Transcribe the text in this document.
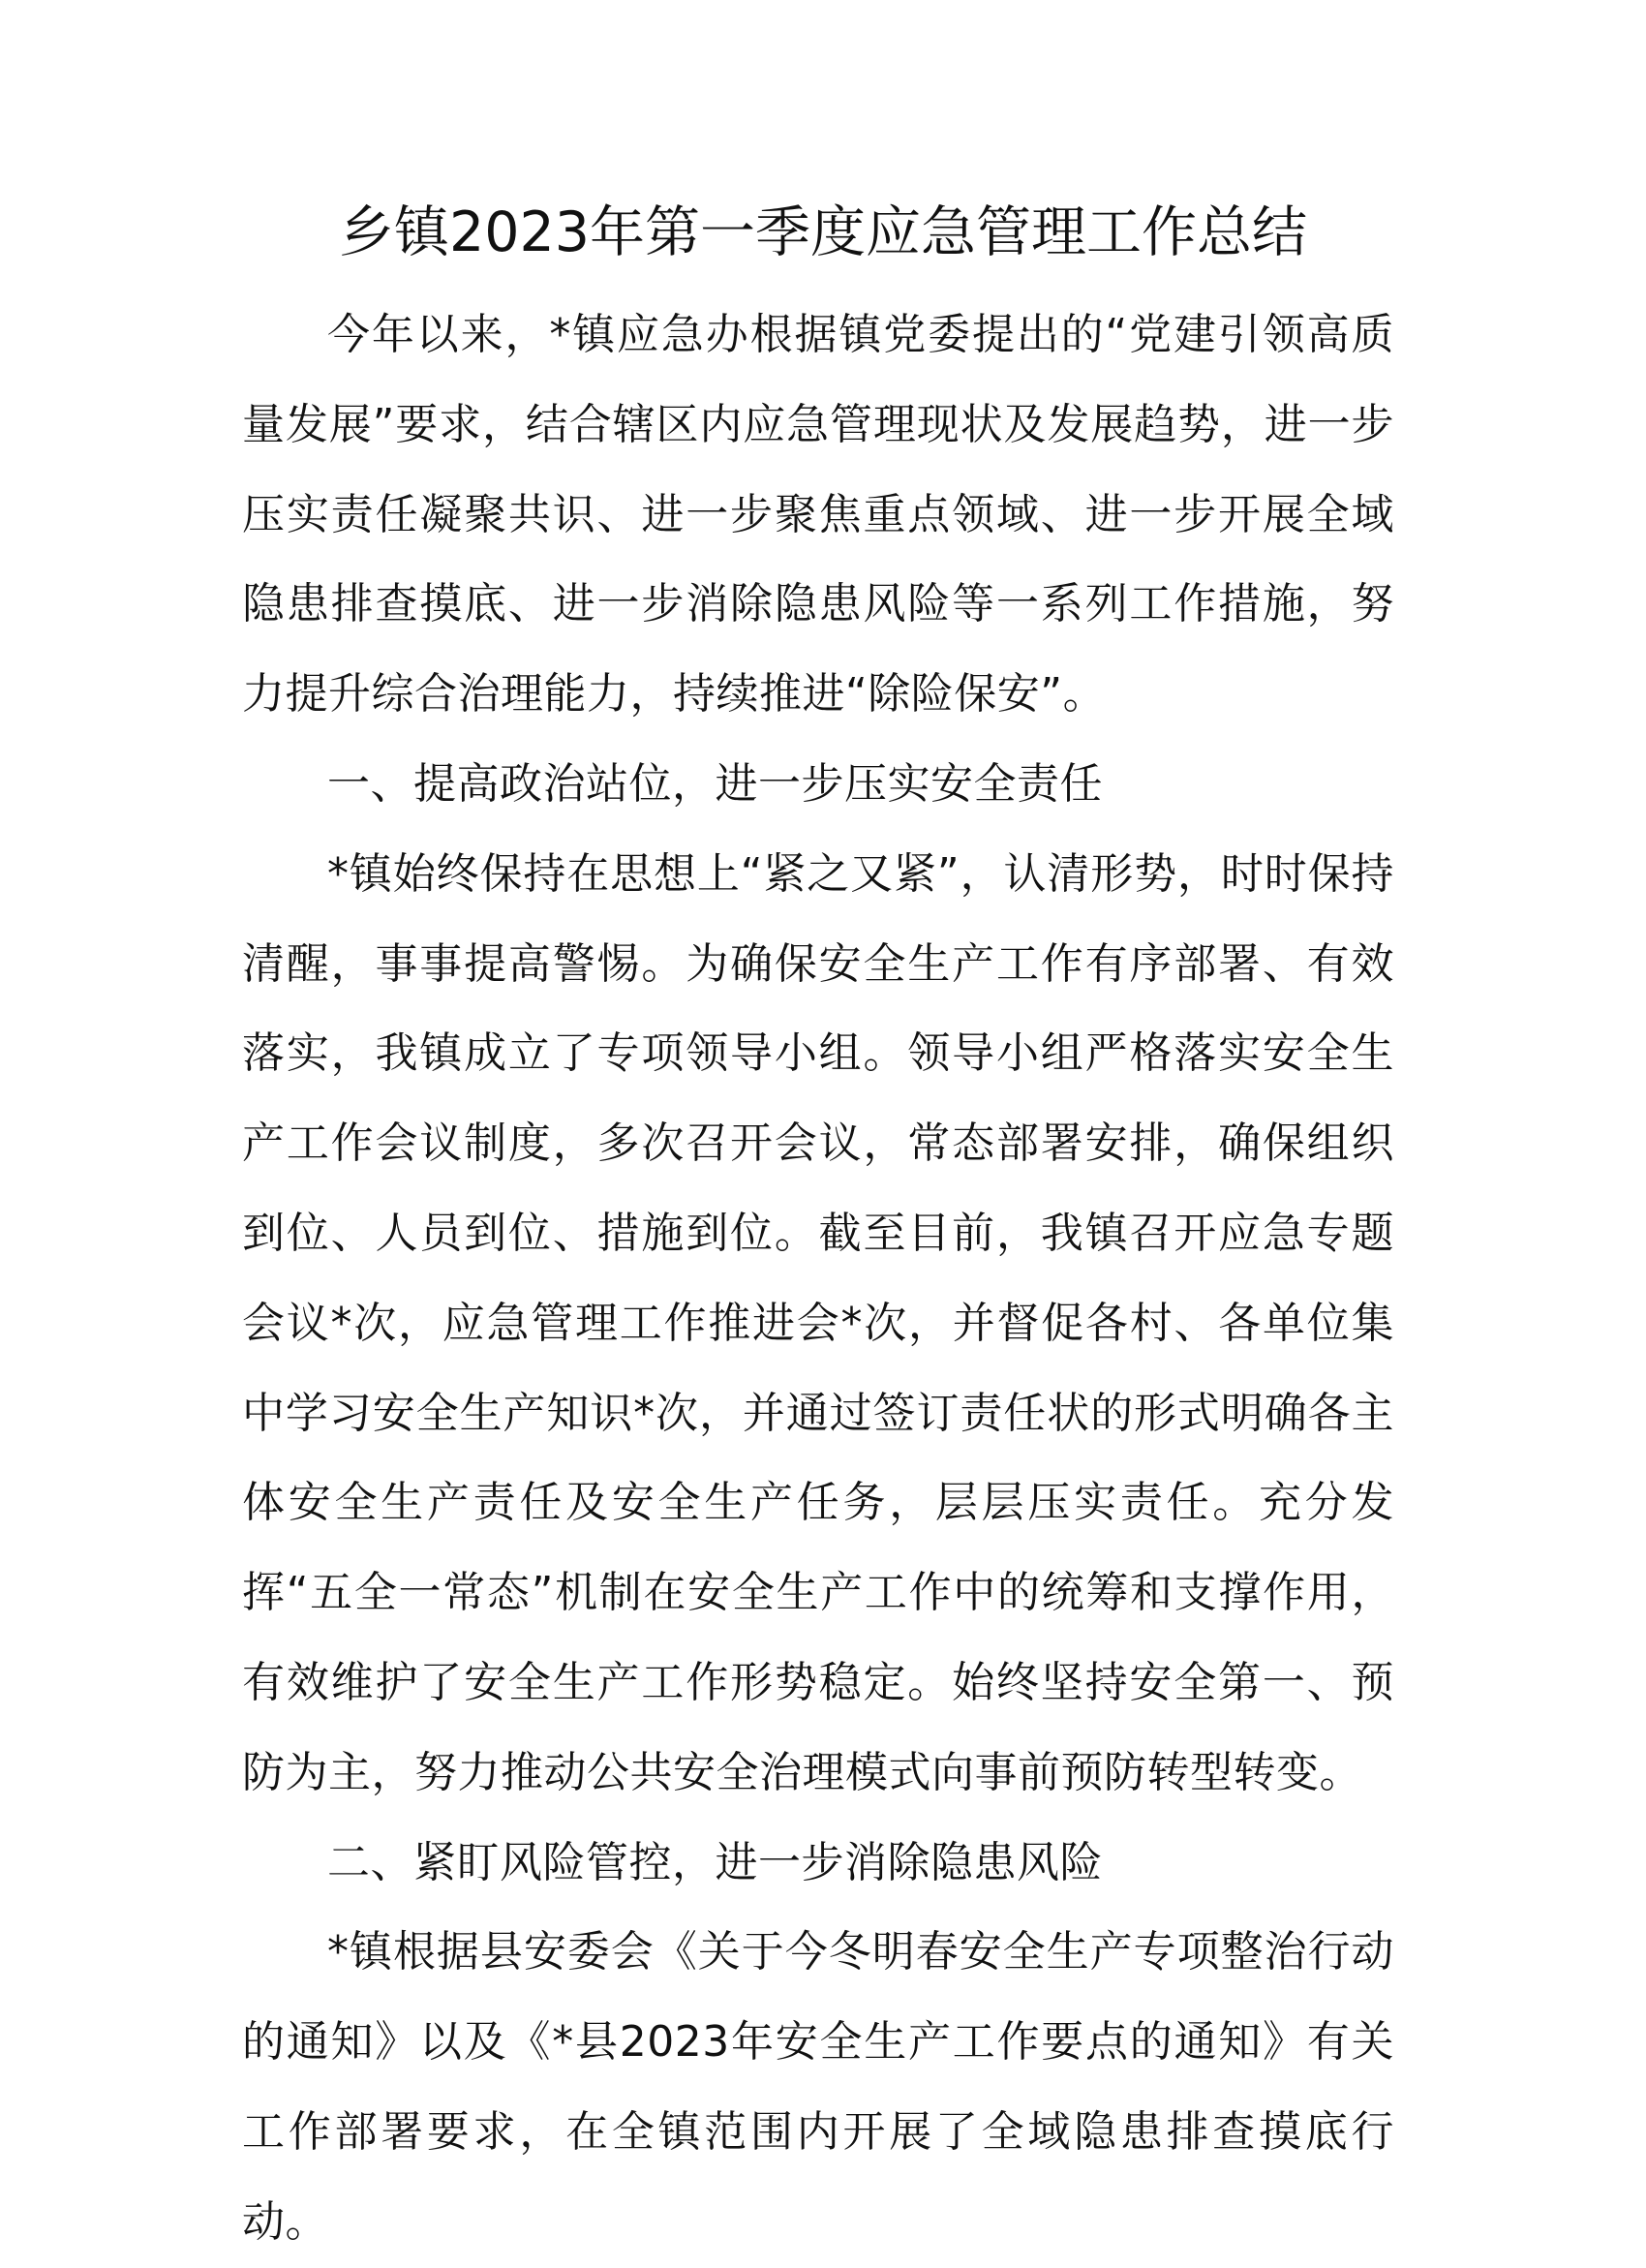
乡镇2023年第一季度应急管理工作总结

今年以来，*镇应急办根据镇党委提出的“党建引领高质量发展”要求，结合辖区内应急管理现状及发展趋势，进一步压实责任凝聚共识、进一步聚焦重点领域、进一步开展全域隐患排查摸底、进一步消除隐患风险等一系列工作措施，努力提升综合治理能力，持续推进“除险保安”。

一、提高政治站位，进一步压实安全责任

*镇始终保持在思想上“紧之又紧”，认清形势，时时保持清醒，事事提高警惕。为确保安全生产工作有序部署、有效落实，我镇成立了专项领导小组。领导小组严格落实安全生产工作会议制度，多次召开会议，常态部署安排，确保组织到位、人员到位、措施到位。截至目前，我镇召开应急专题会议*次，应急管理工作推进会*次，并督促各村、各单位集中学习安全生产知识*次，并通过签订责任状的形式明确各主体安全生产责任及安全生产任务，层层压实责任。充分发挥“五全一常态”机制在安全生产工作中的统筹和支撑作用，有效维护了安全生产工作形势稳定。始终坚持安全第一、预防为主，努力推动公共安全治理模式向事前预防转型转变。

二、紧盯风险管控，进一步消除隐患风险

*镇根据县安委会《关于今冬明春安全生产专项整治行动的通知》以及《*县2023年安全生产工作要点的通知》有关工作部署要求，在全镇范围内开展了全域隐患排查摸底行动。
